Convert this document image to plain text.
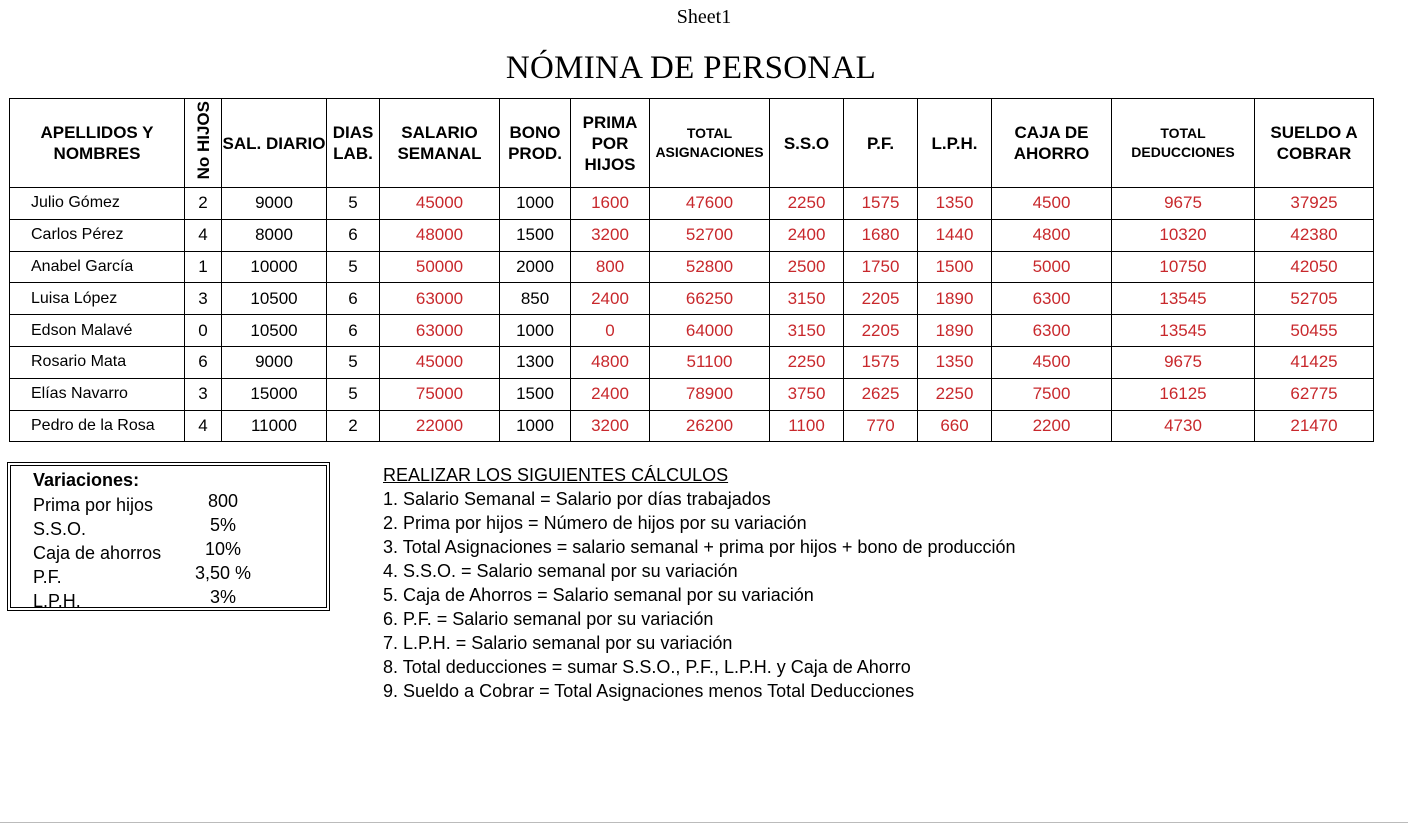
Sheet1
NÓMINA DE PERSONAL
APELLIDOS Y NOMBRES	No HIJOS	SAL. DIARIO	DIAS LAB.	SALARIO SEMANAL	BONO PROD.	PRIMA POR HIJOS	TOTAL ASIGNACIONES	S.S.O	P.F.	L.P.H.	CAJA DE AHORRO	TOTAL DEDUCCIONES	SUELDO A COBRAR
Julio Gómez	2	9000	5	45000	1000	1600	47600	2250	1575	1350	4500	9675	37925
Carlos Pérez	4	8000	6	48000	1500	3200	52700	2400	1680	1440	4800	10320	42380
Anabel García	1	10000	5	50000	2000	800	52800	2500	1750	1500	5000	10750	42050
Luisa López	3	10500	6	63000	850	2400	66250	3150	2205	1890	6300	13545	52705
Edson Malavé	0	10500	6	63000	1000	0	64000	3150	2205	1890	6300	13545	50455
Rosario Mata	6	9000	5	45000	1300	4800	51100	2250	1575	1350	4500	9675	41425
Elías Navarro	3	15000	5	75000	1500	2400	78900	3750	2625	2250	7500	16125	62775
Pedro de la Rosa	4	11000	2	22000	1000	3200	26200	1100	770	660	2200	4730	21470
Variaciones:
Prima por hijos	800
S.S.O.	5%
Caja de ahorros	10%
P.F.	3,50 %
L.P.H.	3%
REALIZAR LOS SIGUIENTES CÁLCULOS
1. Salario Semanal = Salario por días trabajados
2. Prima por hijos = Número de hijos por su variación
3. Total Asignaciones = salario semanal + prima por hijos + bono de producción
4. S.S.O. = Salario semanal por su variación
5. Caja de Ahorros = Salario semanal por su variación
6. P.F. = Salario semanal por su variación
7. L.P.H. = Salario semanal por su variación
8. Total deducciones = sumar S.S.O., P.F., L.P.H. y Caja de Ahorro
9. Sueldo a Cobrar = Total Asignaciones menos Total Deducciones
